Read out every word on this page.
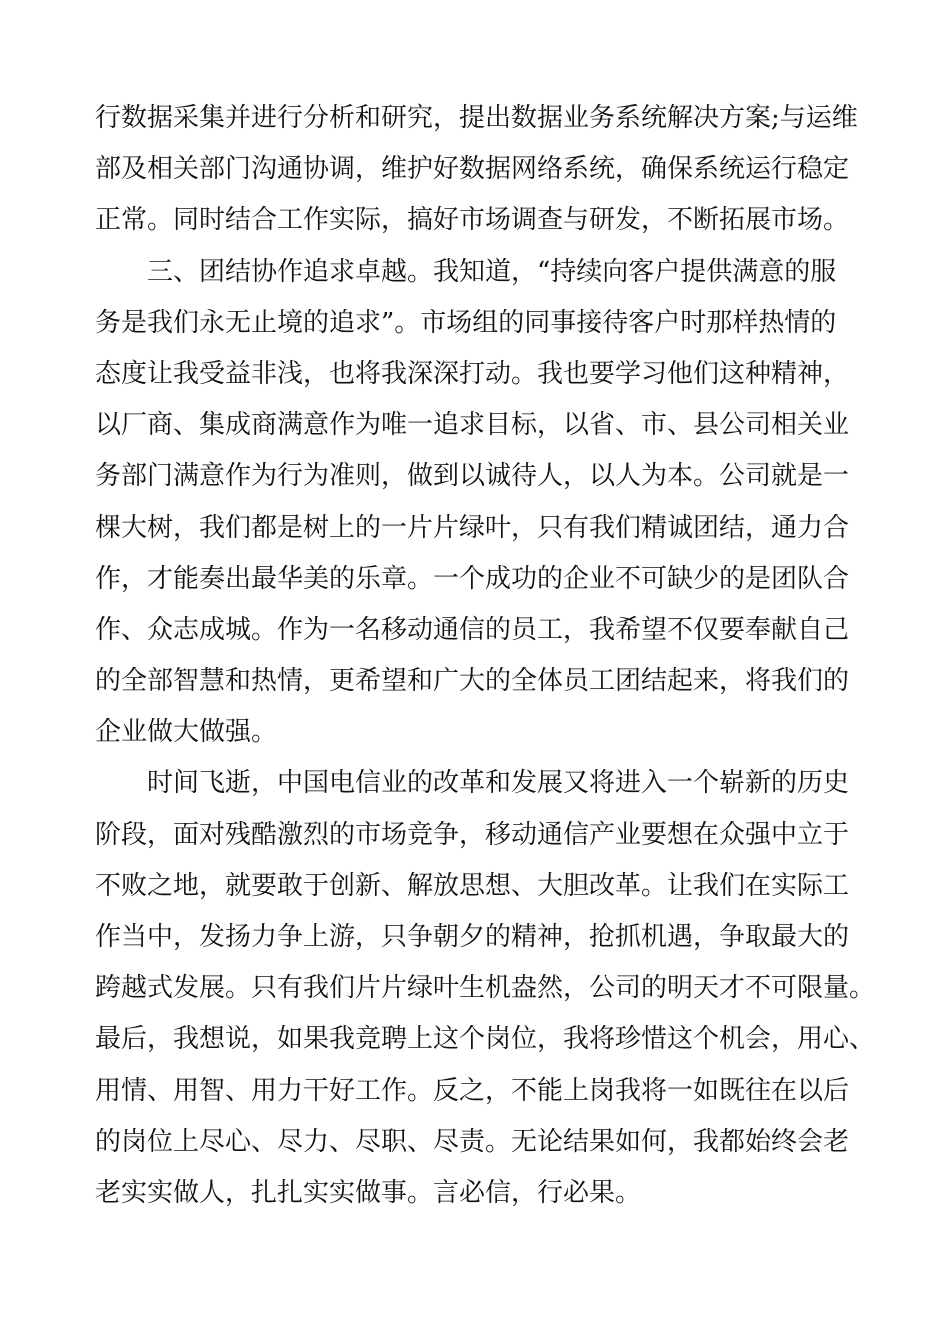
行数据采集并进行分析和研究，提出数据业务系统解决方案;与运维
部及相关部门沟通协调，维护好数据网络系统，确保系统运行稳定
正常。同时结合工作实际，搞好市场调查与研发，不断拓展市场。
三、团结协作追求卓越。我知道，“持续向客户提供满意的服
务是我们永无止境的追求”。市场组的同事接待客户时那样热情的
态度让我受益非浅，也将我深深打动。我也要学习他们这种精神，
以厂商、集成商满意作为唯一追求目标，以省、市、县公司相关业
务部门满意作为行为准则，做到以诚待人，以人为本。公司就是一
棵大树，我们都是树上的一片片绿叶，只有我们精诚团结，通力合
作，才能奏出最华美的乐章。一个成功的企业不可缺少的是团队合
作、众志成城。作为一名移动通信的员工，我希望不仅要奉献自己
的全部智慧和热情，更希望和广大的全体员工团结起来，将我们的
企业做大做强。
时间飞逝，中国电信业的改革和发展又将进入一个崭新的历史
阶段，面对残酷激烈的市场竞争，移动通信产业要想在众强中立于
不败之地，就要敢于创新、解放思想、大胆改革。让我们在实际工
作当中，发扬力争上游，只争朝夕的精神，抢抓机遇，争取最大的
跨越式发展。只有我们片片绿叶生机盎然，公司的明天才不可限量。
最后，我想说，如果我竞聘上这个岗位，我将珍惜这个机会，用心、
用情、用智、用力干好工作。反之，不能上岗我将一如既往在以后
的岗位上尽心、尽力、尽职、尽责。无论结果如何，我都始终会老
老实实做人，扎扎实实做事。言必信，行必果。
